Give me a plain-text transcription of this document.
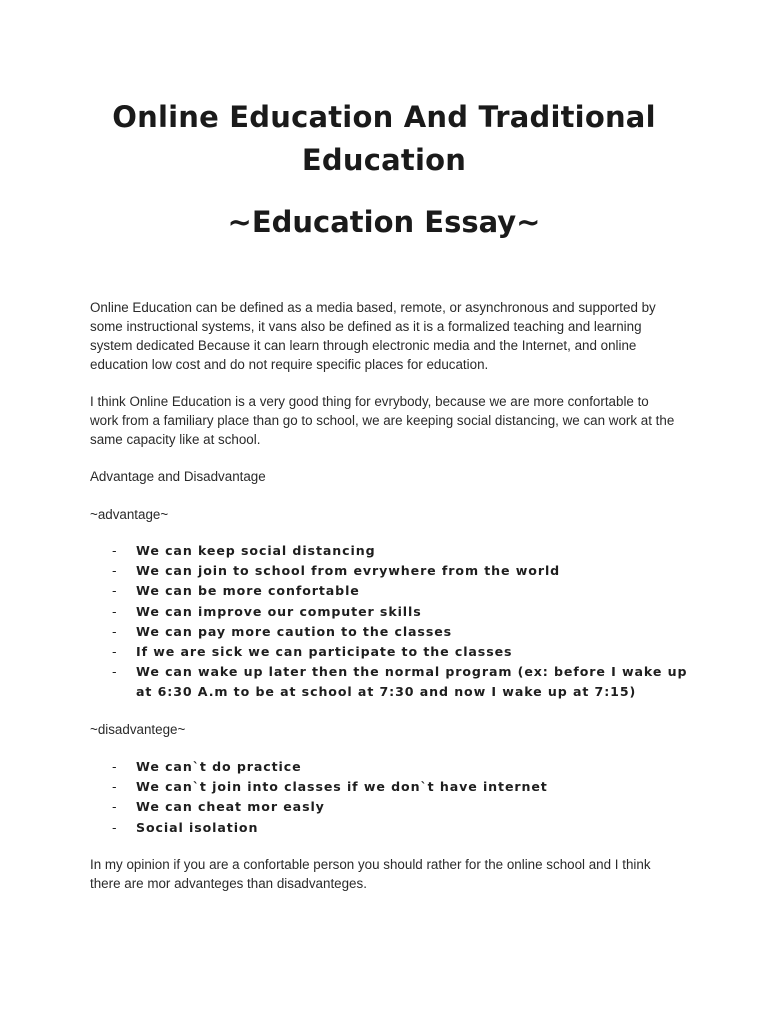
Online Education And Traditional Education
~Education Essay~

Online Education can be defined as a media based, remote, or asynchronous and supported by some instructional systems, it vans also be defined as it is a formalized teaching and learning system dedicated Because it can learn through electronic media and the Internet, and online education low cost and do not require specific places for education.

I think Online Education is a very good thing for evrybody, because we are more confortable to work from a familiary place than go to school, we are keeping social distancing, we can work at the same capacity like at school.

Advantage and Disadvantage

~advantage~

- We can keep social distancing
- We can join to school from evrywhere from the world
- We can be more confortable
- We can improve our computer skills
- We can pay more caution to the classes
- If we are sick we can participate to the classes
- We can wake up later then the normal program (ex: before I wake up at 6:30 A.m to be at school at 7:30 and now I wake up at 7:15)

~disadvantege~

- We can`t do practice
- We can`t join into classes if we don`t have internet
- We can cheat mor easly
- Social isolation

In my opinion if you are a confortable person you should rather for the online school and I think there are mor advanteges than disadvanteges.
